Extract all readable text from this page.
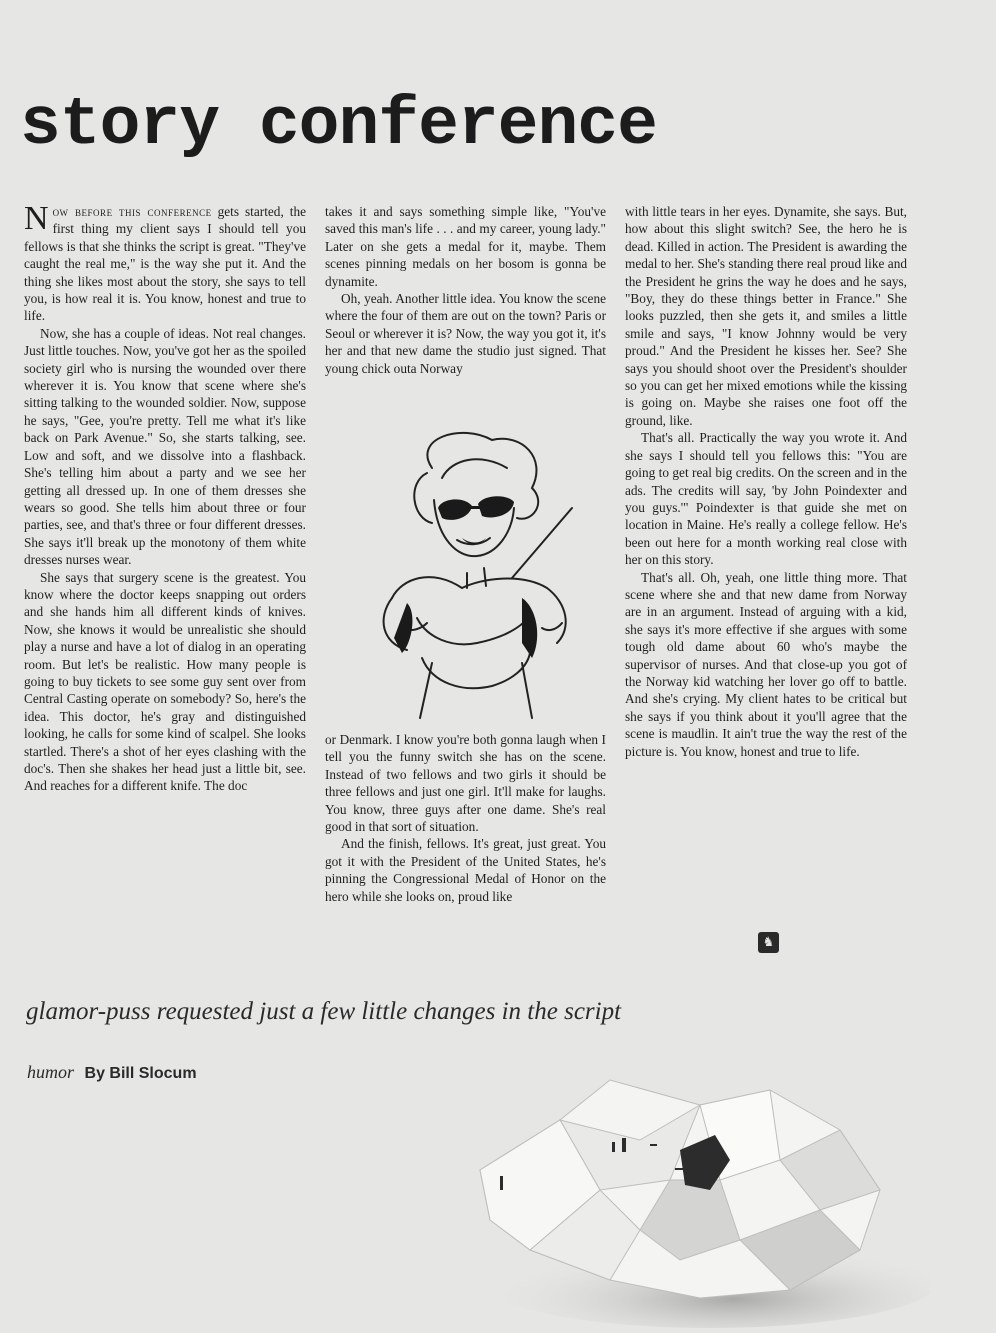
story conference

Now before this conference gets started, the first thing my client says I should tell you fellows is that she thinks the script is great. "They've caught the real me," is the way she put it. And the thing she likes most about the story, she says to tell you, is how real it is. You know, honest and true to life.

Now, she has a couple of ideas. Not real changes. Just little touches. Now, you've got her as the spoiled society girl who is nursing the wounded over there wherever it is. You know that scene where she's sitting talking to the wounded soldier. Now, suppose he says, "Gee, you're pretty. Tell me what it's like back on Park Avenue." So, she starts talking, see. Low and soft, and we dissolve into a flashback. She's telling him about a party and we see her getting all dressed up. In one of them dresses she wears so good. She tells him about three or four parties, see, and that's three or four different dresses. She says it'll break up the monotony of them white dresses nurses wear.

She says that surgery scene is the greatest. You know where the doctor keeps snapping out orders and she hands him all different kinds of knives. Now, she knows it would be unrealistic she should play a nurse and have a lot of dialog in an operating room. But let's be realistic. How many people is going to buy tickets to see some guy sent over from Central Casting operate on somebody? So, here's the idea. This doctor, he's gray and distinguished looking, he calls for some kind of scalpel. She looks startled. There's a shot of her eyes clashing with the doc's. Then she shakes her head just a little bit, see. And reaches for a different knife. The doc

takes it and says something simple like, "You've saved this man's life . . . and my career, young lady." Later on she gets a medal for it, maybe. Them scenes pinning medals on her bosom is gonna be dynamite.

Oh, yeah. Another little idea. You know the scene where the four of them are out on the town? Paris or Seoul or wherever it is? Now, the way you got it, it's her and that new dame the studio just signed. That young chick outa Norway

or Denmark. I know you're both gonna laugh when I tell you the funny switch she has on the scene. Instead of two fellows and two girls it should be three fellows and just one girl. It'll make for laughs. You know, three guys after one dame. She's real good in that sort of situation.

And the finish, fellows. It's great, just great. You got it with the President of the United States, he's pinning the Congressional Medal of Honor on the hero while she looks on, proud like

with little tears in her eyes. Dynamite, she says. But, how about this slight switch? See, the hero he is dead. Killed in action. The President is awarding the medal to her. She's standing there real proud like and the President he grins the way he does and he says, "Boy, they do these things better in France." She looks puzzled, then she gets it, and smiles a little smile and says, "I know Johnny would be very proud." And the President he kisses her. See? She says you should shoot over the President's shoulder so you can get her mixed emotions while the kissing is going on. Maybe she raises one foot off the ground, like.

That's all. Practically the way you wrote it. And she says I should tell you fellows this: "You are going to get real big credits. On the screen and in the ads. The credits will say, 'by John Poindexter and you guys.'" Poindexter is that guide she met on location in Maine. He's really a college fellow. He's been out here for a month working real close with her on this story.

That's all. Oh, yeah, one little thing more. That scene where she and that new dame from Norway are in an argument. Instead of arguing with a kid, she says it's more effective if she argues with some tough old dame about 60 who's maybe the supervisor of nurses. And that close-up you got of the Norway kid watching her lover go off to battle. And she's crying. My client hates to be critical but she says if you think about it you'll agree that the scene is maudlin. It ain't true the way the rest of the picture is. You know, honest and true to life.

♞

glamor-puss requested just a few little changes in the script

humor By Bill Slocum
